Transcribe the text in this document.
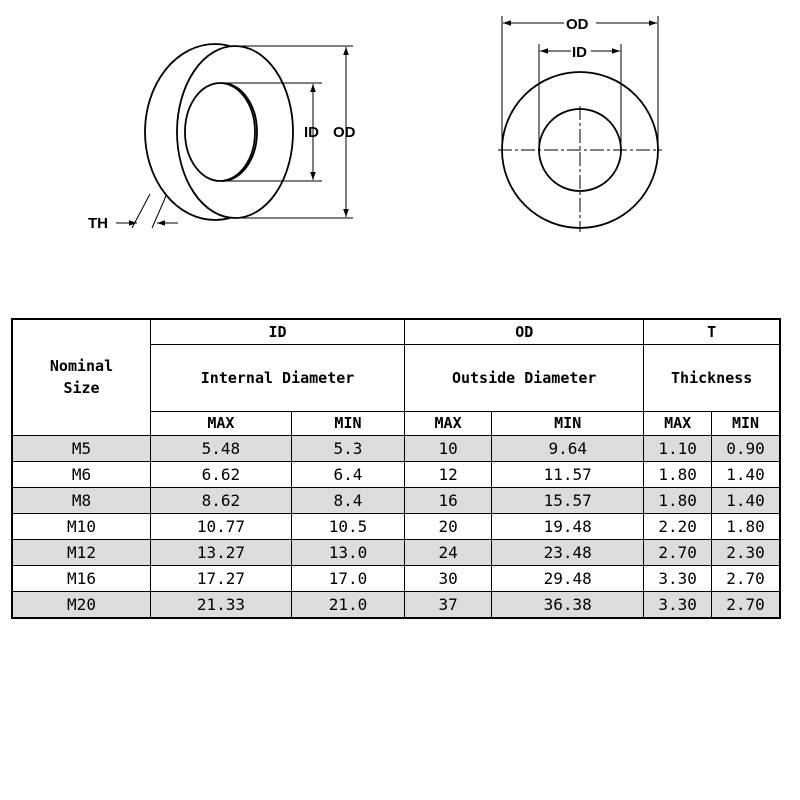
ID OD
TH
OD
ID
Nominal
Size	ID		OD		T	
	Internal Diameter		Outside Diameter		Thickness	
	MAX	MIN	MAX	MIN	MAX	MIN
M5	5.48	5.3	10	9.64	1.10	0.90
M6	6.62	6.4	12	11.57	1.80	1.40
M8	8.62	8.4	16	15.57	1.80	1.40
M10	10.77	10.5	20	19.48	2.20	1.80
M12	13.27	13.0	24	23.48	2.70	2.30
M16	17.27	17.0	30	29.48	3.30	2.70
M20	21.33	21.0	37	36.38	3.30	2.70
